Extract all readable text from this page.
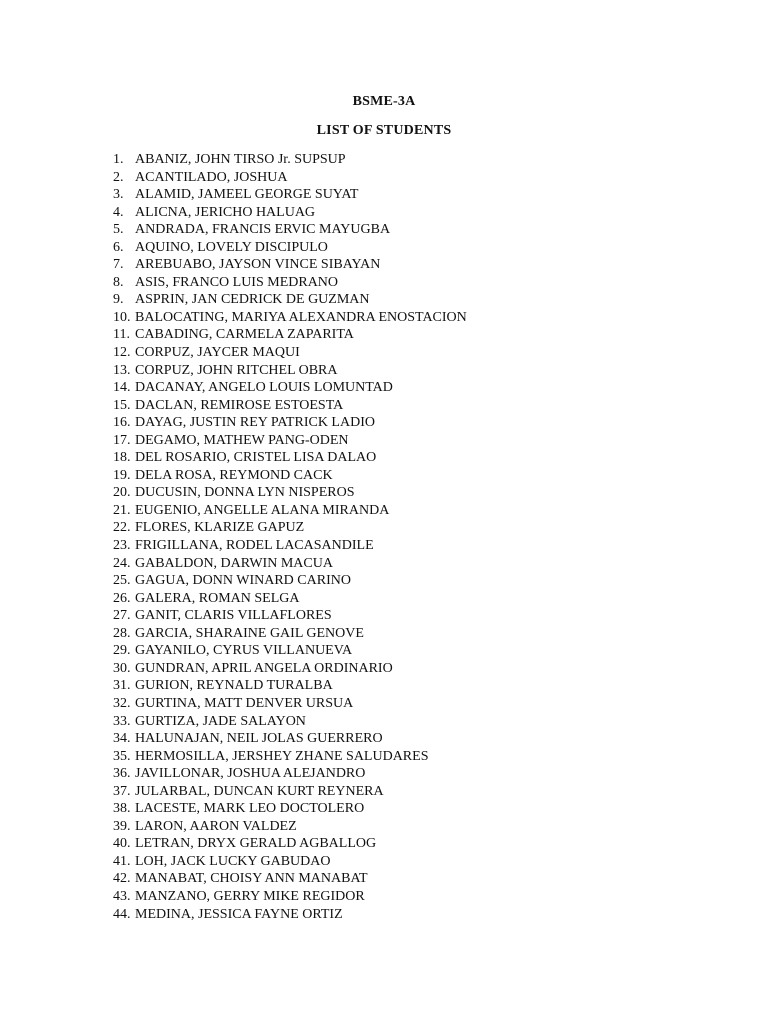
BSME-3A
LIST OF STUDENTS
1. ABANIZ, JOHN TIRSO Jr. SUPSUP
2. ACANTILADO, JOSHUA
3. ALAMID, JAMEEL GEORGE SUYAT
4. ALICNA, JERICHO HALUAG
5. ANDRADA, FRANCIS ERVIC MAYUGBA
6. AQUINO, LOVELY DISCIPULO
7. AREBUABO, JAYSON VINCE SIBAYAN
8. ASIS, FRANCO LUIS MEDRANO
9. ASPRIN, JAN CEDRICK DE GUZMAN
10. BALOCATING, MARIYA ALEXANDRA ENOSTACION
11. CABADING, CARMELA ZAPARITA
12. CORPUZ, JAYCER MAQUI
13. CORPUZ, JOHN RITCHEL OBRA
14. DACANAY, ANGELO LOUIS LOMUNTAD
15. DACLAN, REMIROSE ESTOESTA
16. DAYAG, JUSTIN REY PATRICK LADIO
17. DEGAMO, MATHEW PANG-ODEN
18. DEL ROSARIO, CRISTEL LISA DALAO
19. DELA ROSA, REYMOND CACK
20. DUCUSIN, DONNA LYN NISPEROS
21. EUGENIO, ANGELLE ALANA MIRANDA
22. FLORES, KLARIZE GAPUZ
23. FRIGILLANA, RODEL LACASANDILE
24. GABALDON, DARWIN MACUA
25. GAGUA, DONN WINARD CARINO
26. GALERA, ROMAN SELGA
27. GANIT, CLARIS VILLAFLORES
28. GARCIA, SHARAINE GAIL GENOVE
29. GAYANILO, CYRUS VILLANUEVA
30. GUNDRAN, APRIL ANGELA ORDINARIO
31. GURION, REYNALD TURALBA
32. GURTINA, MATT DENVER URSUA
33. GURTIZA, JADE SALAYON
34. HALUNAJAN, NEIL JOLAS GUERRERO
35. HERMOSILLA, JERSHEY ZHANE SALUDARES
36. JAVILLONAR, JOSHUA ALEJANDRO
37. JULARBAL, DUNCAN KURT REYNERA
38. LACESTE, MARK LEO DOCTOLERO
39. LARON, AARON VALDEZ
40. LETRAN, DRYX GERALD AGBALLOG
41. LOH, JACK LUCKY GABUDAO
42. MANABAT, CHOISY ANN MANABAT
43. MANZANO, GERRY MIKE REGIDOR
44. MEDINA, JESSICA FAYNE ORTIZ
